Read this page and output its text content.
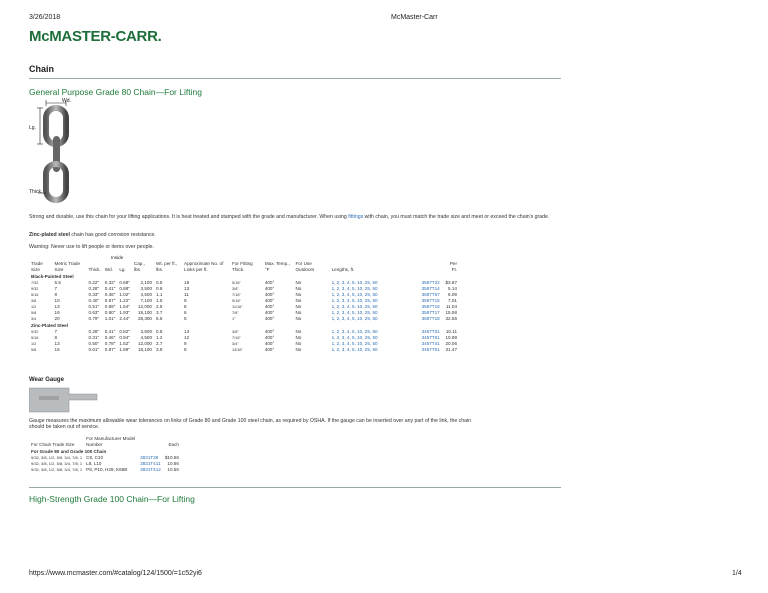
3/26/2018	McMaster-Carr
McMASTER-CARR.
Chain
General Purpose Grade 80 Chain—For Lifting
Wd.
Lg.
Thick.
Strong and durable, use this chain for your lifting applications. It is heat treated and stamped with the grade and manufacturer. When using fittings with chain, you must match the trade size and meet or exceed the chain's grade.
Zinc-plated steel chain has good corrosion resistance.
Warning: Never use to lift people or items over people.
Inside
Trade Size	Metric Trade Size	Thick.	Wd.	Lg.	Cap., lbs.	Wt. per ft., lbs.	Approximate No. of Links per ft.	For Fitting Thick.	Max. Temp., °F	For Use Outdoors	Lengths, ft.		Per Ft.
Black-Painted Steel													
7/32	5.5	0.22"	0.32"	0.68"	2,100	0.5	18	5/16"	400°	No	1, 2, 3, 4, 5, 10, 25, 50	3587T22	$3.87
9/32	7	0.28"	0.41"	0.88"	3,500	0.8	13	3/8"	400°	No	1, 2, 3, 4, 5, 10, 25, 50	3587T14	5.14
5/16	8	0.33"	0.46"	1.02"	4,500	1.1	11	7/16"	400°	No	1, 2, 3, 4, 5, 10, 25, 50	3587T57	6.09
3/8	10	0.40"	0.57"	1.22"	7,100	1.5	9	9/16"	400°	No	1, 2, 3, 4, 5, 10, 25, 50	3587T15	7.01
1/2	13	0.51"	0.69"	1.54"	12,000	2.8	8	11/16"	400°	No	1, 2, 3, 4, 5, 10, 25, 50	3587T16	11.04
5/8	16	0.63"	0.90"	1.93"	18,100	3.7	6	7/8"	400°	No	1, 2, 3, 4, 5, 10, 25, 50	3587T17	15.58
3/4	20	0.79"	1.01"	2.44"	28,300	5.8	5	1"	400°	No	1, 2, 3, 4, 5, 10, 25, 50	3587T18	32.56
Zinc-Plated Steel													
9/32	7	0.28"	0.41"	0.82"	3,500	0.8	13	3/8"	400°	No	1, 2, 3, 4, 5, 10, 25, 50	3457T31	10.11
5/16	8	0.31"	0.46"	0.94"	4,500	1.2	12	7/16"	400°	No	1, 2, 3, 4, 5, 10, 25, 50	3457T61	10.89
1/2	13	0.50"	0.78"	1.52"	12,000	2.7	9	3/4"	400°	No	1, 2, 3, 4, 5, 10, 25, 50	3457T41	20.06
5/8	16	0.61"	0.87"	1.89"	18,100	3.8	8	13/16"	400°	No	1, 2, 3, 4, 5, 10, 25, 50	3457T51	31.47
Wear Gauge
Gauge measures the maximum allowable wear tolerances on links of Grade 80 and Grade 100 steel chain, as required by OSHA. If the gauge can be inserted over any part of the link, the chain should be taken out of service.
For Chain Trade Size	For Manufacturer Model Number		Each
For Grade 80 and Grade 100 Chain			
9/32, 3/8, 1/2, 5/8, 3/4, 7/8, 1	C8, C10	3831T38	$10.56
9/32, 3/8, 1/2, 5/8, 3/4, 7/8, 1	L8, L10	3831T411	10.56
9/32, 3/8, 1/2, 5/8, 3/4, 7/8, 1	P8, P10, H29, K66B	3831T412	10.56
High-Strength Grade 100 Chain—For Lifting
https://www.mcmaster.com/#catalog/124/1500/=1c52yi6	1/4
